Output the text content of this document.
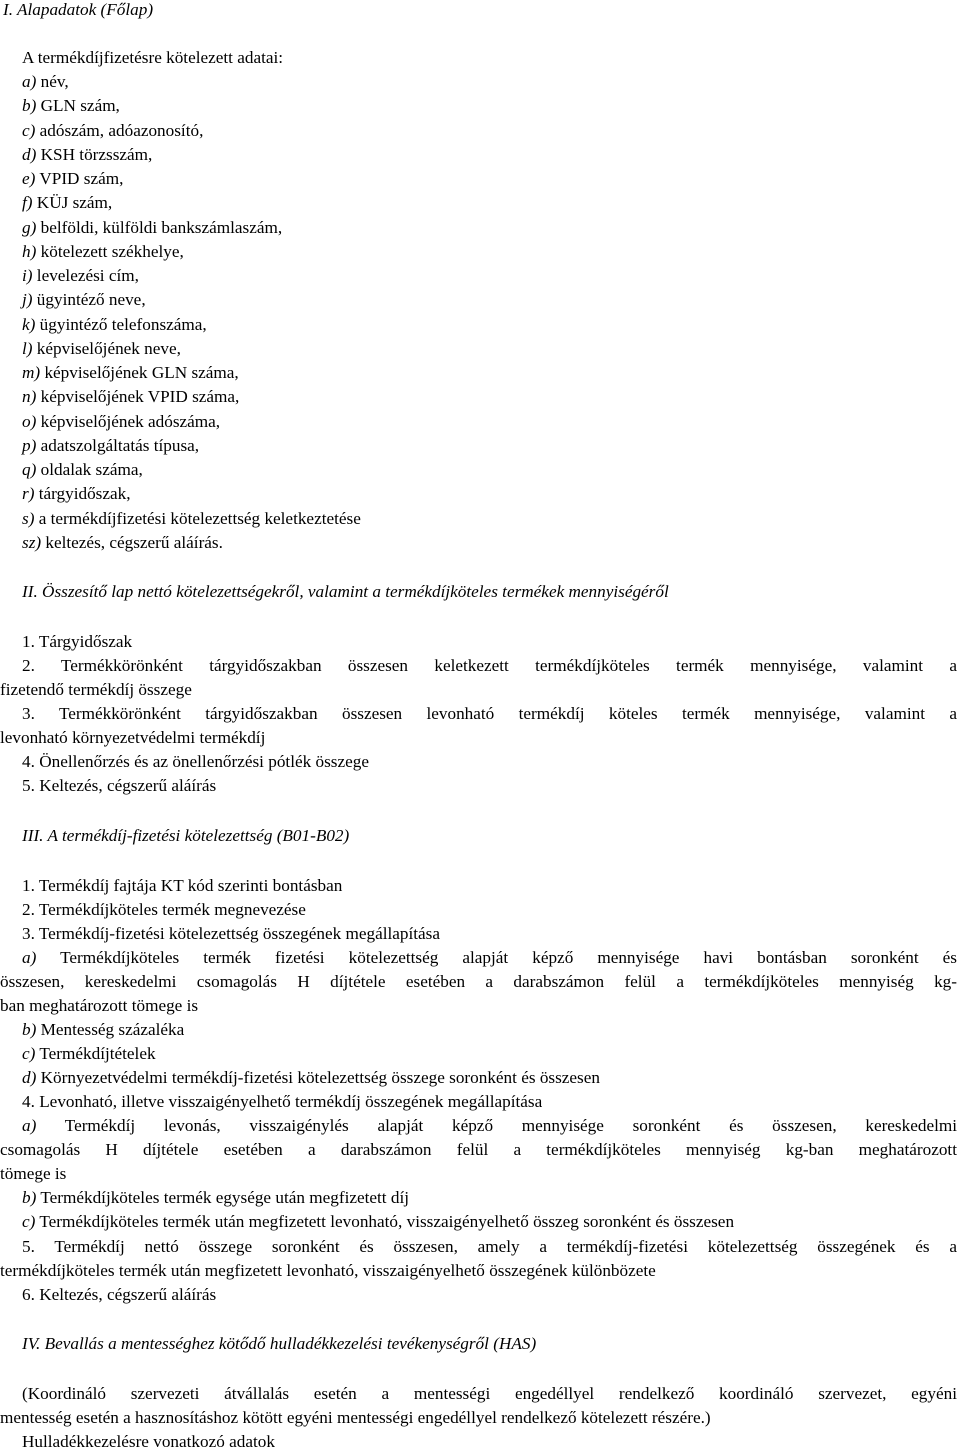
I. Alapadatok (Főlap)
A termékdíjfizetésre kötelezett adatai:
a) név,
b) GLN szám,
c) adószám, adóazonosító,
d) KSH törzsszám,
e) VPID szám,
f) KÜJ szám,
g) belföldi, külföldi bankszámlaszám,
h) kötelezett székhelye,
i) levelezési cím,
j) ügyintéző neve,
k) ügyintéző telefonszáma,
l) képviselőjének neve,
m) képviselőjének GLN száma,
n) képviselőjének VPID száma,
o) képviselőjének adószáma,
p) adatszolgáltatás típusa,
q) oldalak száma,
r) tárgyidőszak,
s) a termékdíjfizetési kötelezettség keletkeztetése
sz) keltezés, cégszerű aláírás.
II. Összesítő lap nettó kötelezettségekről, valamint a termékdíjköteles termékek mennyiségéről
1. Tárgyidőszak
2. Termékkörönként tárgyidőszakban összesen keletkezett termékdíjköteles termék mennyisége, valamint a
fizetendő termékdíj összege
3. Termékkörönként tárgyidőszakban összesen levonható termékdíj köteles termék mennyisége, valamint a
levonható környezetvédelmi termékdíj
4. Önellenőrzés és az önellenőrzési pótlék összege
5. Keltezés, cégszerű aláírás
III. A termékdíj-fizetési kötelezettség (B01-B02)
1. Termékdíj fajtája KT kód szerinti bontásban
2. Termékdíjköteles termék megnevezése
3. Termékdíj-fizetési kötelezettség összegének megállapítása
a) Termékdíjköteles termék fizetési kötelezettség alapját képző mennyisége havi bontásban soronként és
összesen, kereskedelmi csomagolás H díjtétele esetében a darabszámon felül a termékdíjköteles mennyiség kg-
ban meghatározott tömege is
b) Mentesség százaléka
c) Termékdíjtételek
d) Környezetvédelmi termékdíj-fizetési kötelezettség összege soronként és összesen
4. Levonható, illetve visszaigényelhető termékdíj összegének megállapítása
a) Termékdíj levonás, visszaigénylés alapját képző mennyisége soronként és összesen, kereskedelmi
csomagolás H díjtétele esetében a darabszámon felül a termékdíjköteles mennyiség kg-ban meghatározott
tömege is
b) Termékdíjköteles termék egysége után megfizetett díj
c) Termékdíjköteles termék után megfizetett levonható, visszaigényelhető összeg soronként és összesen
5. Termékdíj nettó összege soronként és összesen, amely a termékdíj-fizetési kötelezettség összegének és a
termékdíjköteles termék után megfizetett levonható, visszaigényelhető összegének különbözete
6. Keltezés, cégszerű aláírás
IV. Bevallás a mentességhez kötődő hulladékkezelési tevékenységről (HAS)
(Koordináló szervezeti átvállalás esetén a mentességi engedéllyel rendelkező koordináló szervezet, egyéni
mentesség esetén a hasznosításhoz kötött egyéni mentességi engedéllyel rendelkező kötelezett részére.)
Hulladékkezelésre vonatkozó adatok
